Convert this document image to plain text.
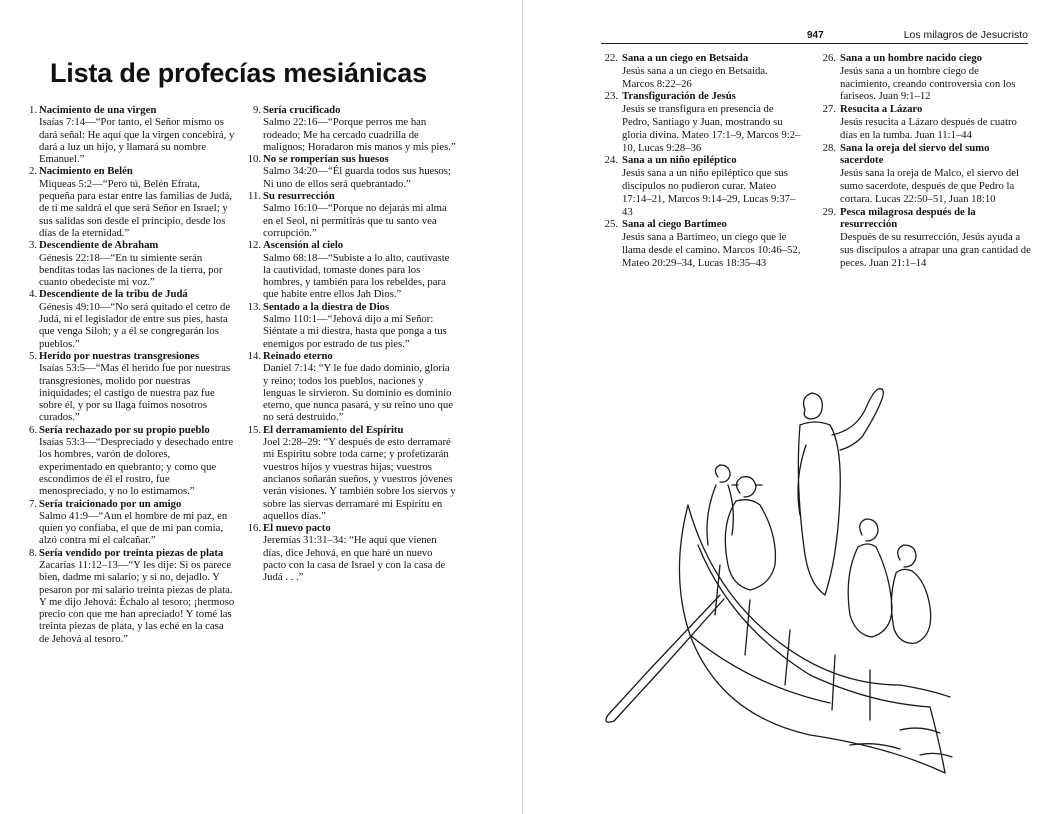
Lista de profecías mesiánicas
1. Nacimiento de una virgen
Isaías 7:14—“Por tanto, el Señor mismo os dará señal: He aquí que la virgen concebirá, y dará a luz un hijo, y llamará su nombre Emanuel.”
2. Nacimiento en Belén
Miqueas 5:2—“Pero tú, Belén Efrata, pequeña para estar entre las familias de Judá, de ti me saldrá el que será Señor en Israel; y sus salidas son desde el principio, desde los días de la eternidad.”
3. Descendiente de Abraham
Génesis 22:18—“En tu simiente serán benditas todas las naciones de la tierra, por cuanto obedeciste mi voz.”
4. Descendiente de la tribu de Judá
Génesis 49:10—“No será quitado el cetro de Judá, ni el legislador de entre sus pies, hasta que venga Siloh; y a él se congregarán los pueblos.”
5. Herido por nuestras transgresiones
Isaías 53:5—“Mas él herido fue por nuestras transgresiones, molido por nuestras iniquidades; el castigo de nuestra paz fue sobre él, y por su llaga fuimos nosotros curados.”
6. Sería rechazado por su propio pueblo
Isaías 53:3—“Despreciado y desechado entre los hombres, varón de dolores, experimentado en quebranto; y como que escondimos de él el rostro, fue menospreciado, y no lo estimamos.”
7. Sería traicionado por un amigo
Salmo 41:9—“Aun el hombre de mi paz, en quien yo confiaba, el que de mi pan comía, alzó contra mí el calcañar.”
8. Sería vendido por treinta piezas de plata
Zacarías 11:12–13—“Y les dije: Si os parece bien, dadme mi salario; y si no, dejadlo. Y pesaron por mi salario treinta piezas de plata. Y me dijo Jehová: Échalo al tesoro; ¡hermoso precio con que me han apreciado! Y tomé las treinta piezas de plata, y las eché en la casa de Jehová al tesoro.”
9. Sería crucificado
Salmo 22:16—“Porque perros me han rodeado; Me ha cercado cuadrilla de malignos; Horadaron mis manos y mis pies.”
10. No se romperían sus huesos
Salmo 34:20—“Él guarda todos sus huesos; Ni uno de ellos será quebrantado.”
11. Su resurrección
Salmo 16:10—“Porque no dejarás mi alma en el Seol, ni permitirás que tu santo vea corrupción.”
12. Ascensión al cielo
Salmo 68:18—“Subiste a lo alto, cautivaste la cautividad, tomaste dones para los hombres, y también para los rebeldes, para que habite entre ellos Jah Dios.”
13. Sentado a la diestra de Dios
Salmo 110:1—“Jehová dijo a mi Señor: Siéntate a mi diestra, hasta que ponga a tus enemigos por estrado de tus pies.”
14. Reinado eterno
Daniel 7:14: “Y le fue dado dominio, gloria y reino; todos los pueblos, naciones y lenguas le sirvieron. Su dominio es dominio eterno, que nunca pasará, y su reino uno que no será destruido.”
15. El derramamiento del Espíritu
Joel 2:28–29: “Y después de esto derramaré mi Espíritu sobre toda carne; y profetizarán vuestros hijos y vuestras hijas; vuestros ancianos soñarán sueños, y vuestros jóvenes verán visiones. Y también sobre los siervos y sobre las siervas derramaré mi Espíritu en aquellos días.”
16. El nuevo pacto
Jeremías 31:31–34: “He aquí que vienen días, dice Jehová, en que haré un nuevo pacto con la casa de Israel y con la casa de Judá . . .”
947	Los milagros de Jesucristo
22. Sana a un ciego en Betsaida
Jesús sana a un ciego en Betsaida. Marcos 8:22–26
23. Transfiguración de Jesús
Jesús se transfigura en presencia de Pedro, Santiago y Juan, mostrando su gloria divina. Mateo 17:1–9, Marcos 9:2–10, Lucas 9:28–36
24. Sana a un niño epiléptico
Jesús sana a un niño epiléptico que sus discípulos no pudieron curar. Mateo 17:14–21, Marcos 9:14–29, Lucas 9:37–43
25. Sana al ciego Bartimeo
Jesús sana a Bartimeo, un ciego que le llama desde el camino. Marcos 10:46–52, Mateo 20:29–34, Lucas 18:35–43
26. Sana a un hombre nacido ciego
Jesús sana a un hombre ciego de nacimiento, creando controversia con los fariseos. Juan 9:1–12
27. Resucita a Lázaro
Jesús resucita a Lázaro después de cuatro días en la tumba. Juan 11:1–44
28. Sana la oreja del siervo del sumo sacerdote
Jesús sana la oreja de Malco, el siervo del sumo sacerdote, después de que Pedro la cortara. Lucas 22:50–51, Juan 18:10
29. Pesca milagrosa después de la resurrección
Después de su resurrección, Jesús ayuda a sus discípulos a atrapar una gran cantidad de peces. Juan 21:1–14
